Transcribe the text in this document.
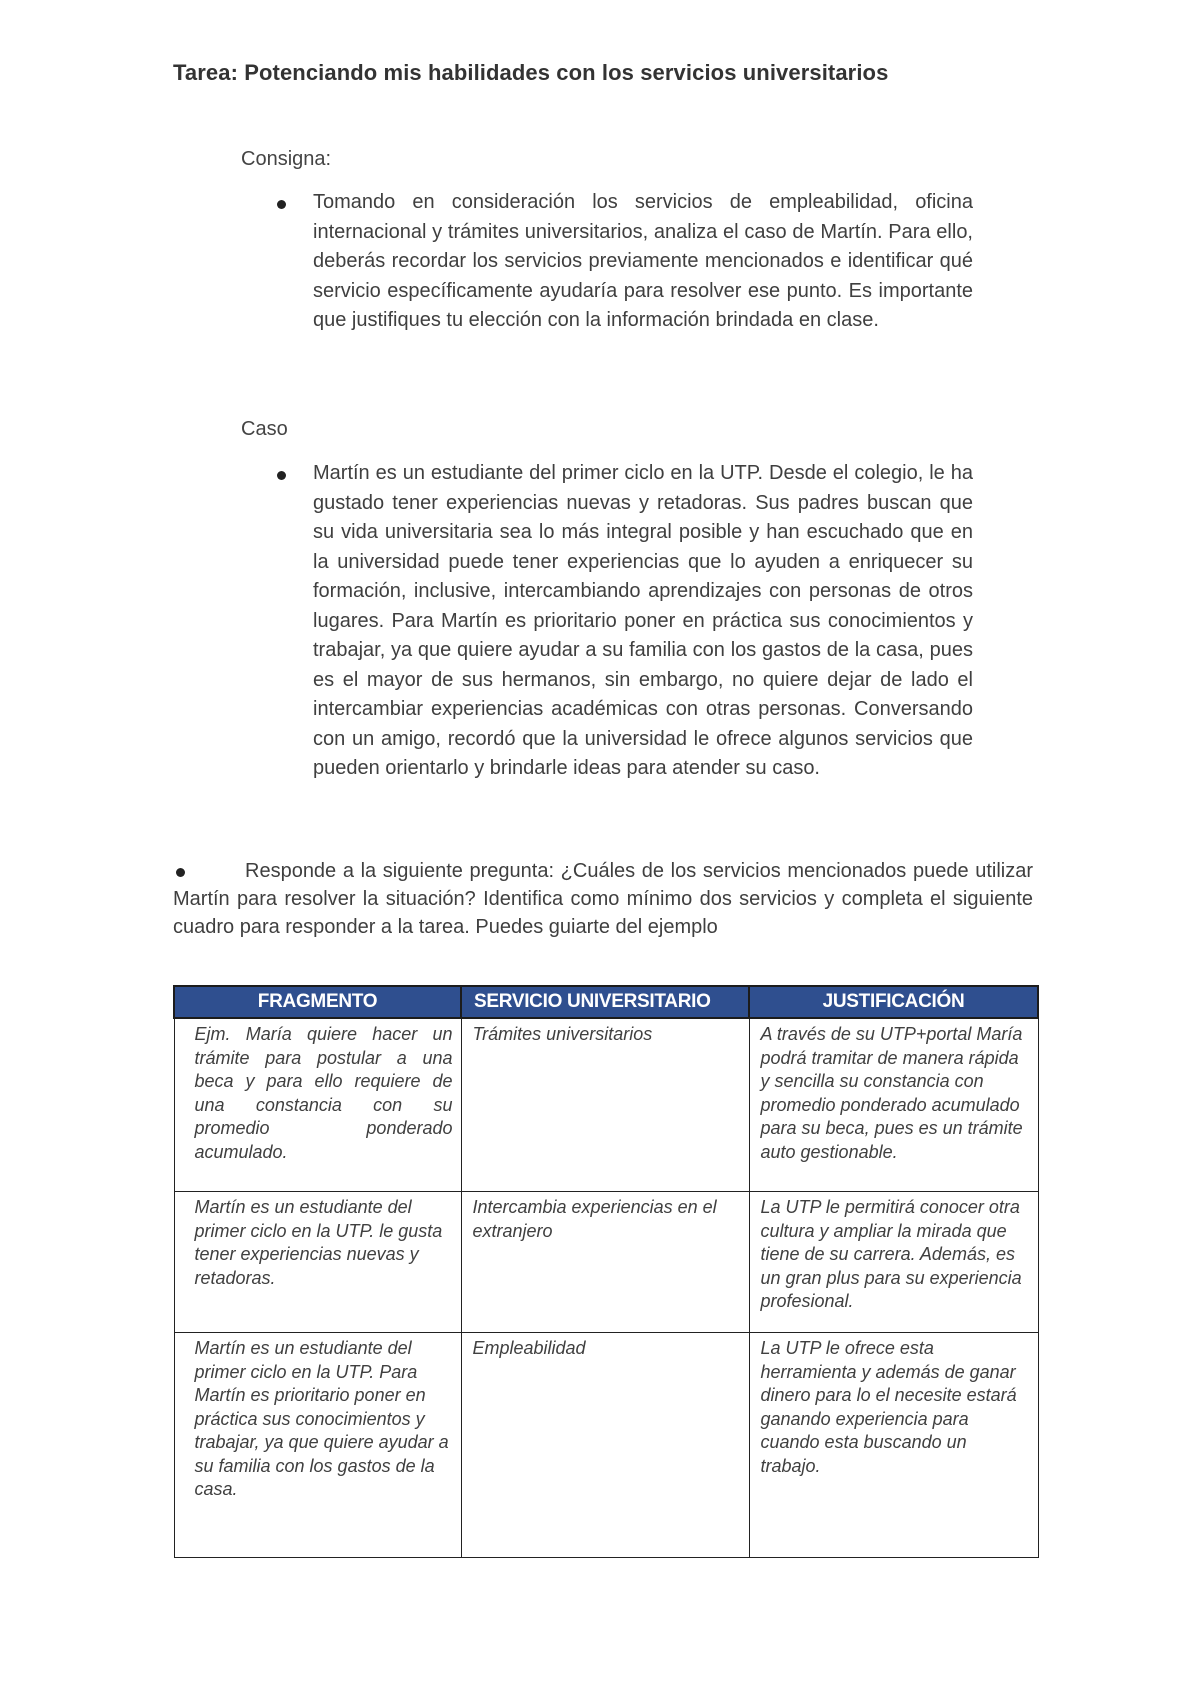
Tarea: Potenciando mis habilidades con los servicios universitarios
Consigna:

Tomando en consideración los servicios de empleabilidad, oficina internacional y trámites universitarios, analiza el caso de Martín. Para ello, deberás recordar los servicios previamente mencionados e identificar qué servicio específicamente ayudaría para resolver ese punto. Es importante que justifiques tu elección con la información brindada en clase.

Caso

Martín es un estudiante del primer ciclo en la UTP. Desde el colegio, le ha gustado tener experiencias nuevas y retadoras. Sus padres buscan que su vida universitaria sea lo más integral posible y han escuchado que en la universidad puede tener experiencias que lo ayuden a enriquecer su formación, inclusive, intercambiando aprendizajes con personas de otros lugares. Para Martín es prioritario poner en práctica sus conocimientos y trabajar, ya que quiere ayudar a su familia con los gastos de la casa, pues es el mayor de sus hermanos, sin embargo, no quiere dejar de lado el intercambiar experiencias académicas con otras personas. Conversando con un amigo, recordó que la universidad le ofrece algunos servicios que pueden orientarlo y brindarle ideas para atender su caso.

Responde a la siguiente pregunta: ¿Cuáles de los servicios mencionados puede utilizar Martín para resolver la situación? Identifica como mínimo dos servicios y completa el siguiente cuadro para responder a la tarea. Puedes guiarte del ejemplo

FRAGMENTO	SERVICIO UNIVERSITARIO	JUSTIFICACIÓN
Ejm. María quiere hacer un trámite para postular a una beca y para ello requiere de una constancia con su promedio ponderado acumulado.	Trámites universitarios	A través de su UTP+portal María podrá tramitar de manera rápida y sencilla su constancia con promedio ponderado acumulado para su beca, pues es un trámite auto gestionable.
Martín es un estudiante del primer ciclo en la UTP. le gusta tener experiencias nuevas y retadoras.	Intercambia experiencias en el extranjero	La UTP le permitirá conocer otra cultura y ampliar la mirada que tiene de su carrera. Además, es un gran plus para su experiencia profesional.
Martín es un estudiante del primer ciclo en la UTP. Para Martín es prioritario poner en práctica sus conocimientos y trabajar, ya que quiere ayudar a su familia con los gastos de la casa.	Empleabilidad	La UTP le ofrece esta herramienta y además de ganar dinero para lo el necesite estará ganando experiencia para cuando esta buscando un trabajo.
